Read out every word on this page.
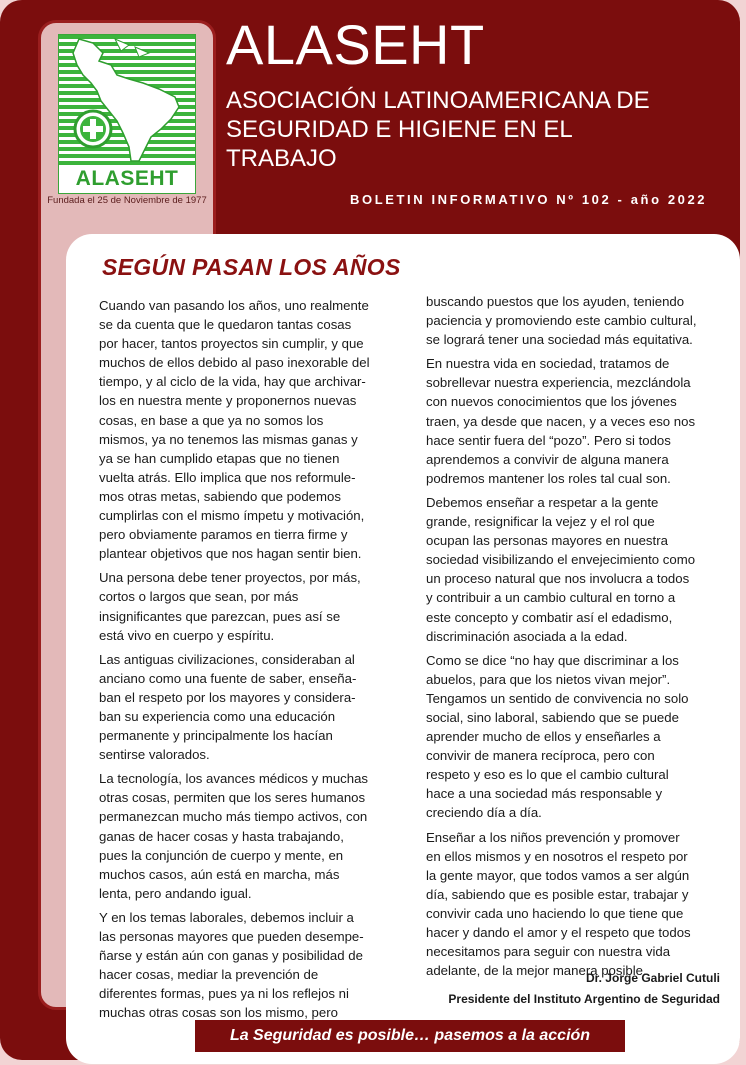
ALASEHT
Fundada el 25 de Noviembre de 1977
ALASEHT
ASOCIACIÓN LATINOAMERICANA DE
SEGURIDAD E HIGIENE EN EL
TRABAJO
BOLETIN INFORMATIVO Nº 102 - año 2022
SEGÚN PASAN LOS AÑOS

Cuando van pasando los años, uno realmente
se da cuenta que le quedaron tantas cosas
por hacer, tantos proyectos sin cumplir, y que
muchos de ellos debido al paso inexorable del
tiempo, y al ciclo de la vida, hay que archivar-
los en nuestra mente y proponernos nuevas
cosas, en base a que ya no somos los
mismos, ya no tenemos las mismas ganas y
ya se han cumplido etapas que no tienen
vuelta atrás. Ello implica que nos reformule-
mos otras metas, sabiendo que podemos
cumplirlas con el mismo ímpetu y motivación,
pero obviamente paramos en tierra firme y
plantear objetivos que nos hagan sentir bien.

Una persona debe tener proyectos, por más,
cortos o largos que sean, por más
insignificantes que parezcan, pues así se
está vivo en cuerpo y espíritu.

Las antiguas civilizaciones, consideraban al
anciano como una fuente de saber, enseña-
ban el respeto por los mayores y considera-
ban su experiencia como una educación
permanente y principalmente los hacían
sentirse valorados.

La tecnología, los avances médicos y muchas
otras cosas, permiten que los seres humanos
permanezcan mucho más tiempo activos, con
ganas de hacer cosas y hasta trabajando,
pues la conjunción de cuerpo y mente, en
muchos casos, aún está en marcha, más
lenta, pero andando igual.

Y en los temas laborales, debemos incluir a
las personas mayores que pueden desempe-
ñarse y están aún con ganas y posibilidad de
hacer cosas, mediar la prevención de
diferentes formas, pues ya ni los reflejos ni
muchas otras cosas son los mismo, pero

buscando puestos que los ayuden, teniendo
paciencia y promoviendo este cambio cultural,
se logrará tener una sociedad más equitativa.

En nuestra vida en sociedad, tratamos de
sobrellevar nuestra experiencia, mezclándola
con nuevos conocimientos que los jóvenes
traen, ya desde que nacen, y a veces eso nos
hace sentir fuera del “pozo”. Pero si todos
aprendemos a convivir de alguna manera
podremos mantener los roles tal cual son.

Debemos enseñar a respetar a la gente
grande, resignificar la vejez y el rol que
ocupan las personas mayores en nuestra
sociedad visibilizando el envejecimiento como
un proceso natural que nos involucra a todos
y contribuir a un cambio cultural en torno a
este concepto y combatir así el edadismo,
discriminación asociada a la edad.

Como se dice “no hay que discriminar a los
abuelos, para que los nietos vivan mejor”.
Tengamos un sentido de convivencia no solo
social, sino laboral, sabiendo que se puede
aprender mucho de ellos y enseñarles a
convivir de manera recíproca, pero con
respeto y eso es lo que el cambio cultural
hace a una sociedad más responsable y
creciendo día a día.

Enseñar a los niños prevención y promover
en ellos mismos y en nosotros el respeto por
la gente mayor, que todos vamos a ser algún
día, sabiendo que es posible estar, trabajar y
convivir cada uno haciendo lo que tiene que
hacer y dando el amor y el respeto que todos
necesitamos para seguir con nuestra vida
adelante, de la mejor manera posible.

Dr. Jorge Gabriel Cutuli
Presidente del Instituto Argentino de Seguridad
La Seguridad es posible… pasemos a la acción
